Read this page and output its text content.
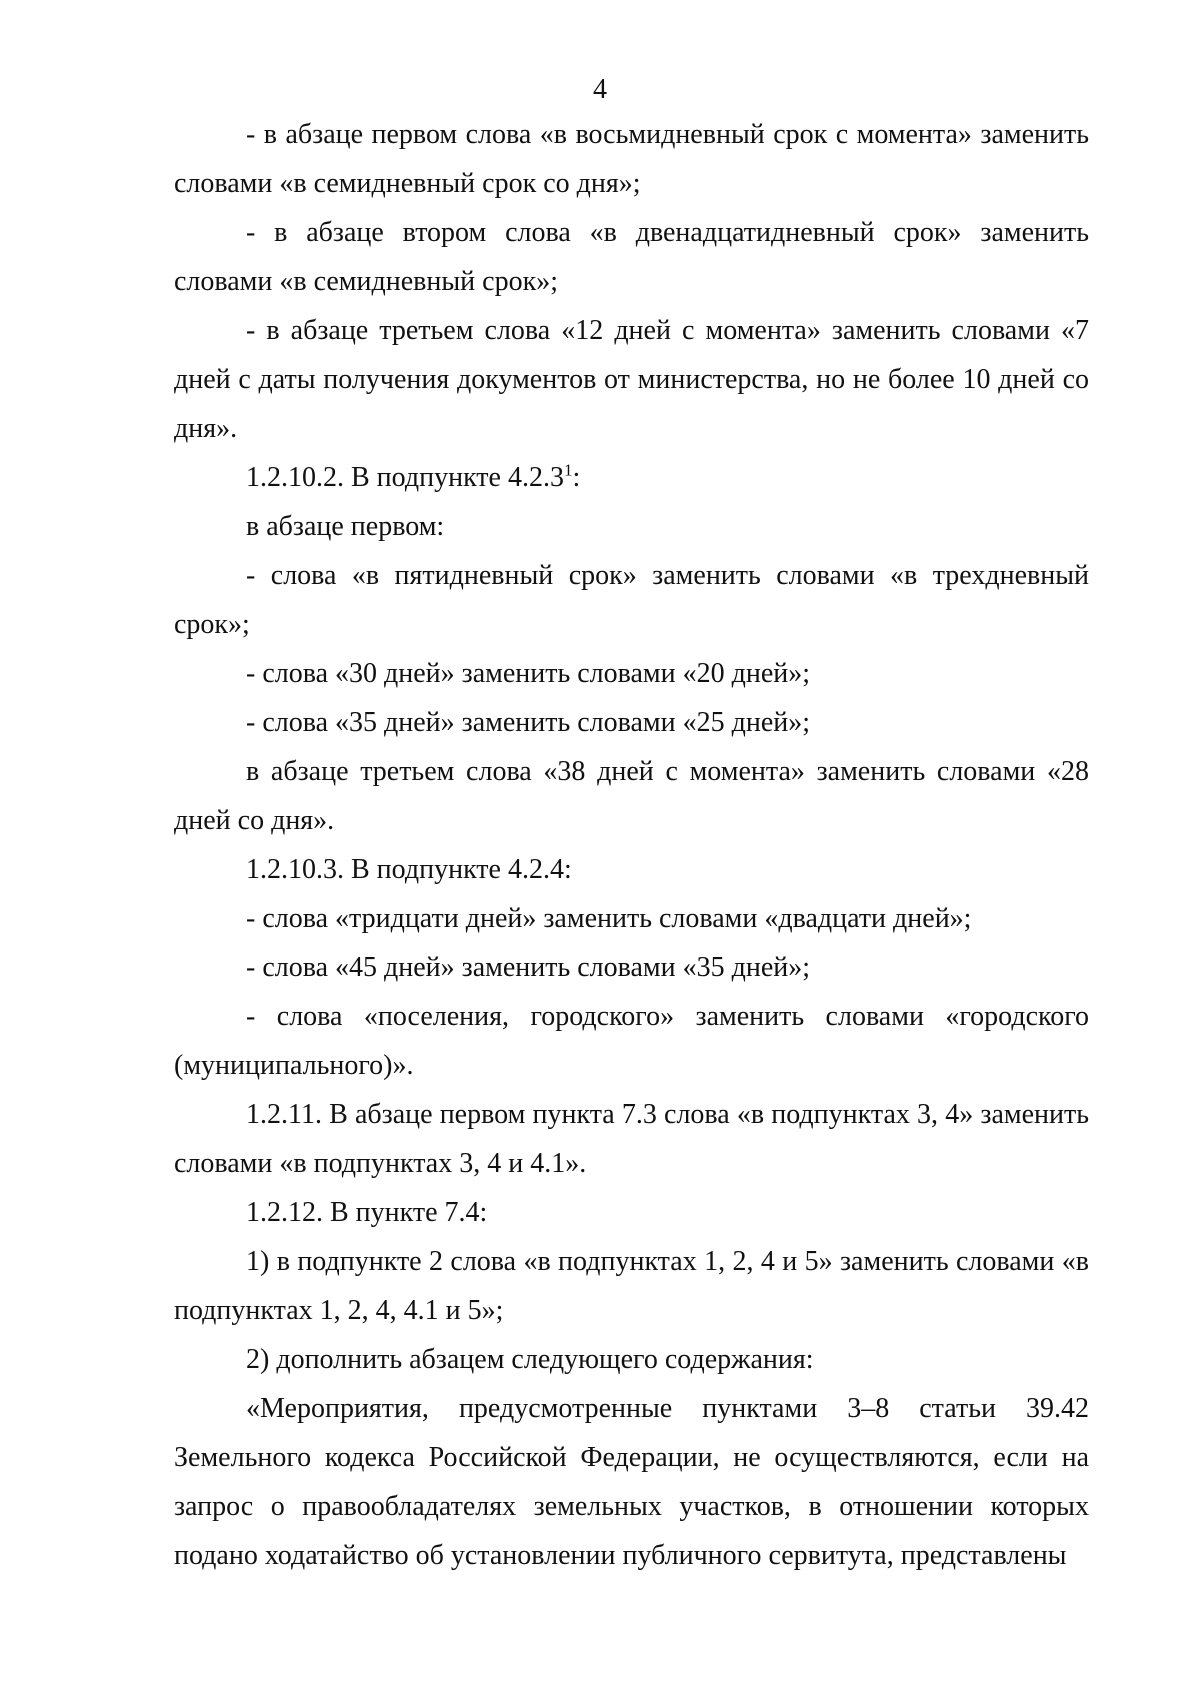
4

- в абзаце первом слова «в восьмидневный срок с момента» заменить словами «в семидневный срок со дня»;

- в абзаце втором слова «в двенадцатидневный срок» заменить словами «в семидневный срок»;

- в абзаце третьем слова «12 дней с момента» заменить словами «7 дней с даты получения документов от министерства, но не более 10 дней со дня».

1.2.10.2. В подпункте 4.2.3$^1$:

в абзаце первом:

- слова «в пятидневный срок» заменить словами «в трехдневный срок»;

- слова «30 дней» заменить словами «20 дней»;

- слова «35 дней» заменить словами «25 дней»;

в абзаце третьем слова «38 дней с момента» заменить словами «28 дней со дня».

1.2.10.3. В подпункте 4.2.4:

- слова «тридцати дней» заменить словами «двадцати дней»;

- слова «45 дней» заменить словами «35 дней»;

- слова «поселения, городского» заменить словами «городского (муниципального)».

1.2.11. В абзаце первом пункта 7.3 слова «в подпунктах 3, 4» заменить словами «в подпунктах 3, 4 и 4.1».

1.2.12. В пункте 7.4:

1) в подпункте 2 слова «в подпунктах 1, 2, 4 и 5» заменить словами «в подпунктах 1, 2, 4, 4.1 и 5»;

2) дополнить абзацем следующего содержания:

«Мероприятия, предусмотренные пунктами 3–8 статьи 39.42 Земельного кодекса Российской Федерации, не осуществляются, если на запрос о правообладателях земельных участков, в отношении которых подано ходатайство об установлении публичного сервитута, представлены
